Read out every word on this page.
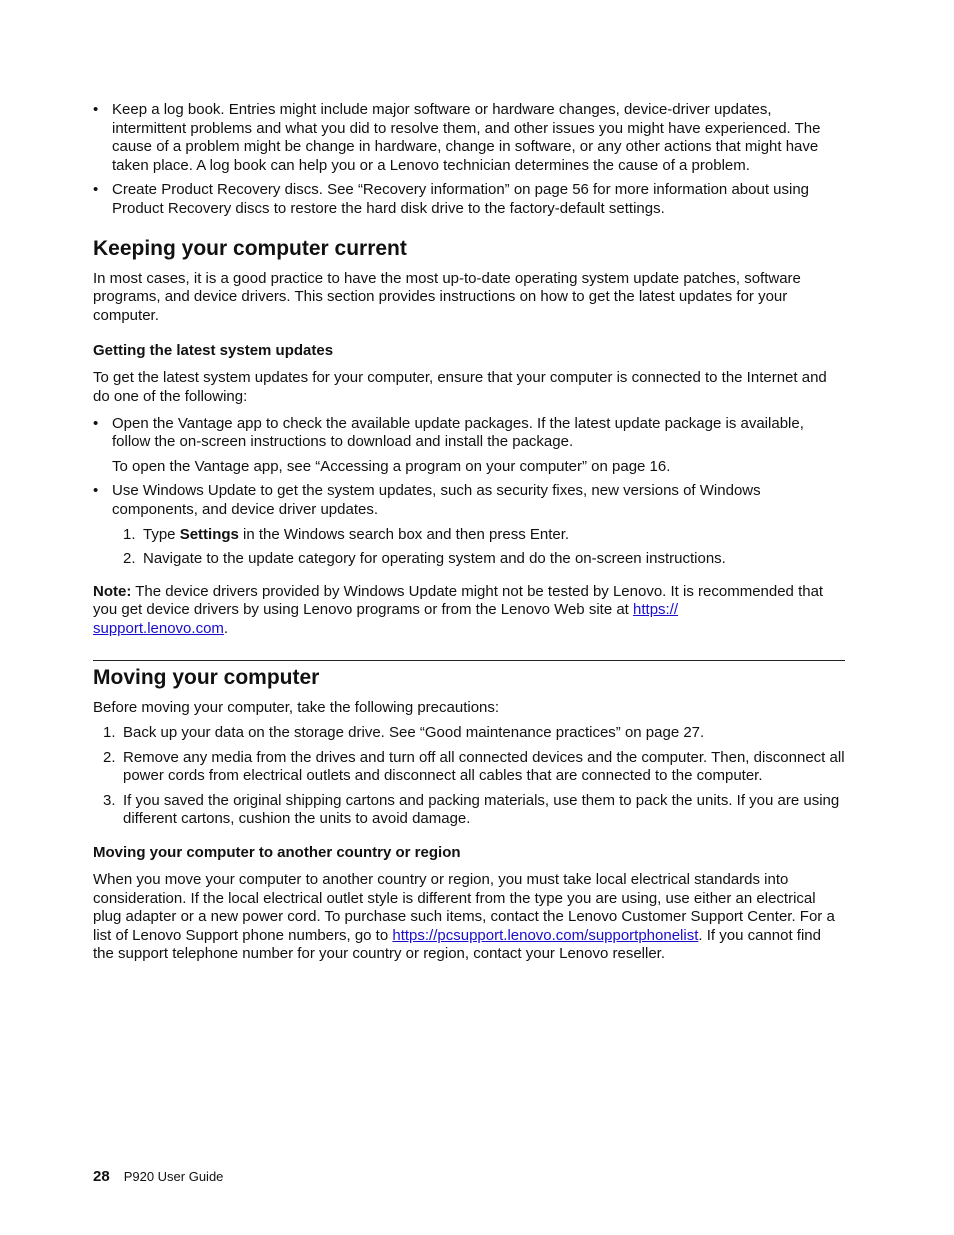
• Keep a log book. Entries might include major software or hardware changes, device-driver updates, intermittent problems and what you did to resolve them, and other issues you might have experienced. The cause of a problem might be change in hardware, change in software, or any other actions that might have taken place. A log book can help you or a Lenovo technician determines the cause of a problem.
• Create Product Recovery discs. See “Recovery information” on page 56 for more information about using Product Recovery discs to restore the hard disk drive to the factory-default settings.
Keeping your computer current

In most cases, it is a good practice to have the most up-to-date operating system update patches, software programs, and device drivers. This section provides instructions on how to get the latest updates for your computer.

Getting the latest system updates

To get the latest system updates for your computer, ensure that your computer is connected to the Internet and do one of the following:

• Open the Vantage app to check the available update packages. If the latest update package is available, follow the on-screen instructions to download and install the package.

To open the Vantage app, see “Accessing a program on your computer” on page 16.

• Use Windows Update to get the system updates, such as security fixes, new versions of Windows components, and device driver updates.

1. Type Settings in the Windows search box and then press Enter.
2. Navigate to the update category for operating system and do the on-screen instructions.

Note: The device drivers provided by Windows Update might not be tested by Lenovo. It is recommended that you get device drivers by using Lenovo programs or from the Lenovo Web site at https://
support.lenovo.com.

Moving your computer

Before moving your computer, take the following precautions:

1. Back up your data on the storage drive. See “Good maintenance practices” on page 27.
2. Remove any media from the drives and turn off all connected devices and the computer. Then, disconnect all power cords from electrical outlets and disconnect all cables that are connected to the computer.
3. If you saved the original shipping cartons and packing materials, use them to pack the units. If you are using different cartons, cushion the units to avoid damage.
Moving your computer to another country or region

When you move your computer to another country or region, you must take local electrical standards into consideration. If the local electrical outlet style is different from the type you are using, use either an electrical plug adapter or a new power cord. To purchase such items, contact the Lenovo Customer Support Center. For a list of Lenovo Support phone numbers, go to https://pcsupport.lenovo.com/supportphonelist. If you cannot find the support telephone number for your country or region, contact your Lenovo reseller.

28 P920 User Guide
